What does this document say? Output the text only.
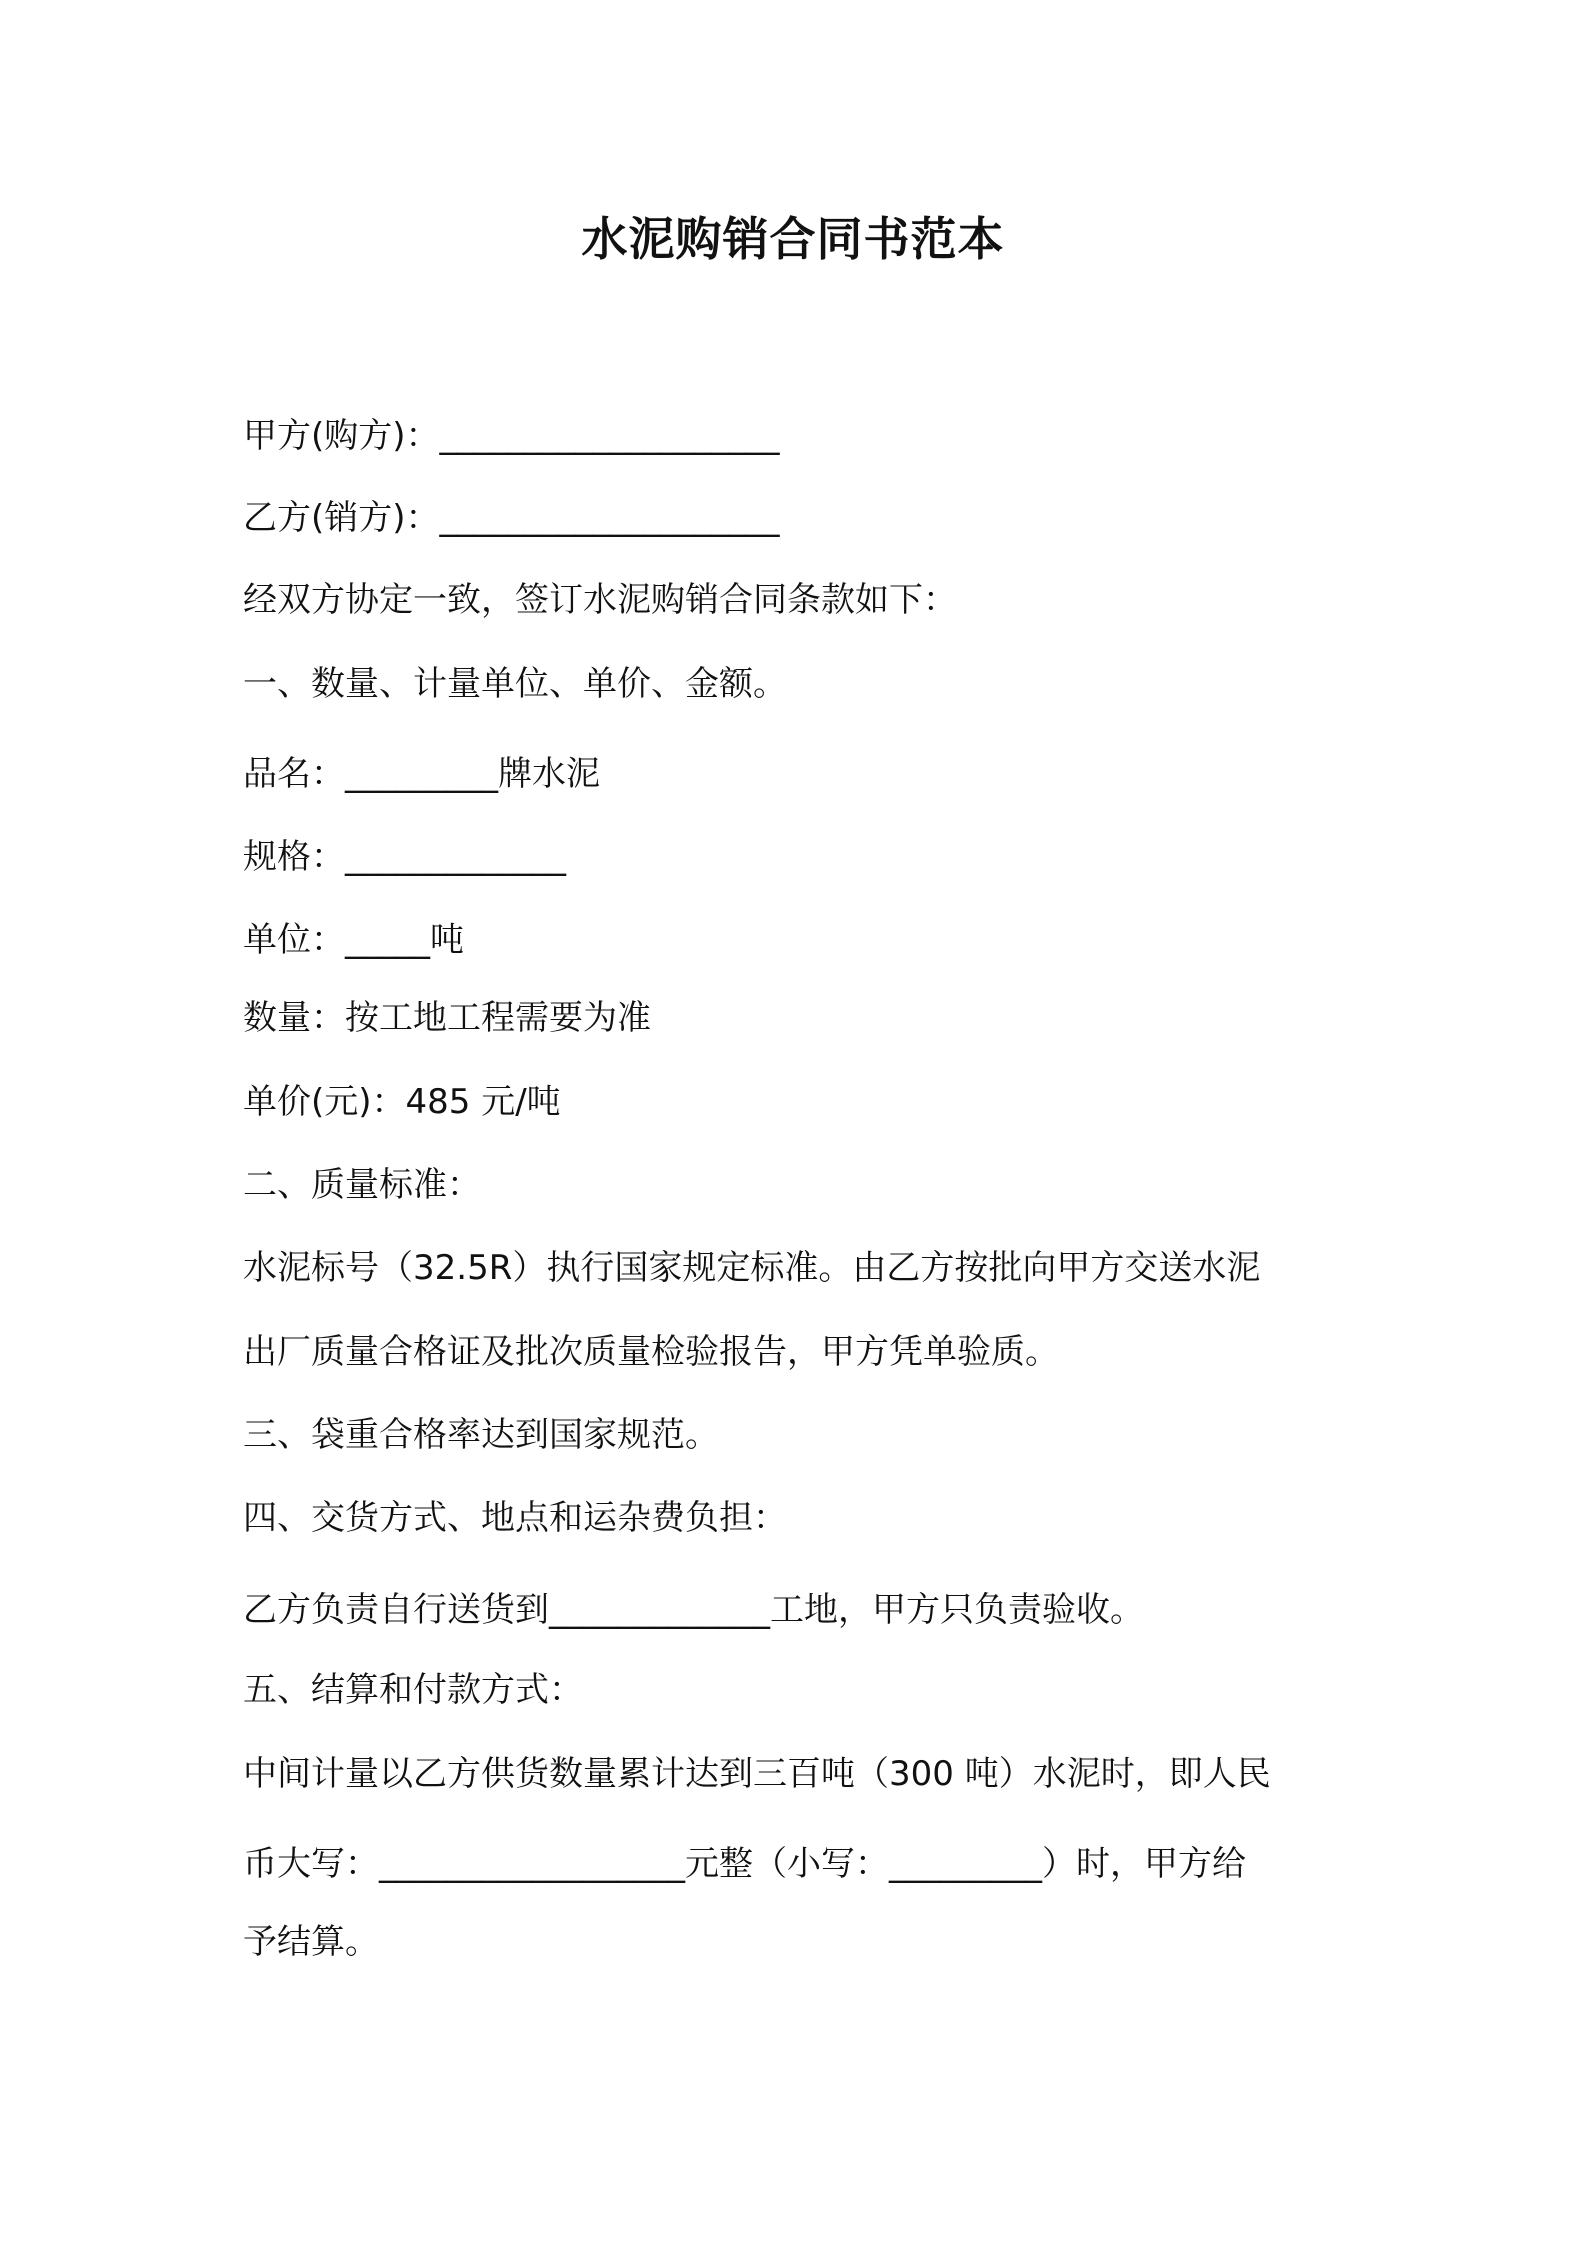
水泥购销合同书范本
甲方(购方)：____________________
乙方(销方)：____________________
经双方协定一致，签订水泥购销合同条款如下：
一、数量、计量单位、单价、金额。
品名：_________牌水泥
规格：_____________
单位：_____吨
数量：按工地工程需要为准
单价(元)：485 元/吨
二、质量标准：
水泥标号（32.5R）执行国家规定标准。由乙方按批向甲方交送水泥
出厂质量合格证及批次质量检验报告，甲方凭单验质。
三、袋重合格率达到国家规范。
四、交货方式、地点和运杂费负担：
乙方负责自行送货到_____________工地，甲方只负责验收。
五、结算和付款方式：
中间计量以乙方供货数量累计达到三百吨（300 吨）水泥时，即人民
币大写：__________________元整（小写：_________）时，甲方给
予结算。
